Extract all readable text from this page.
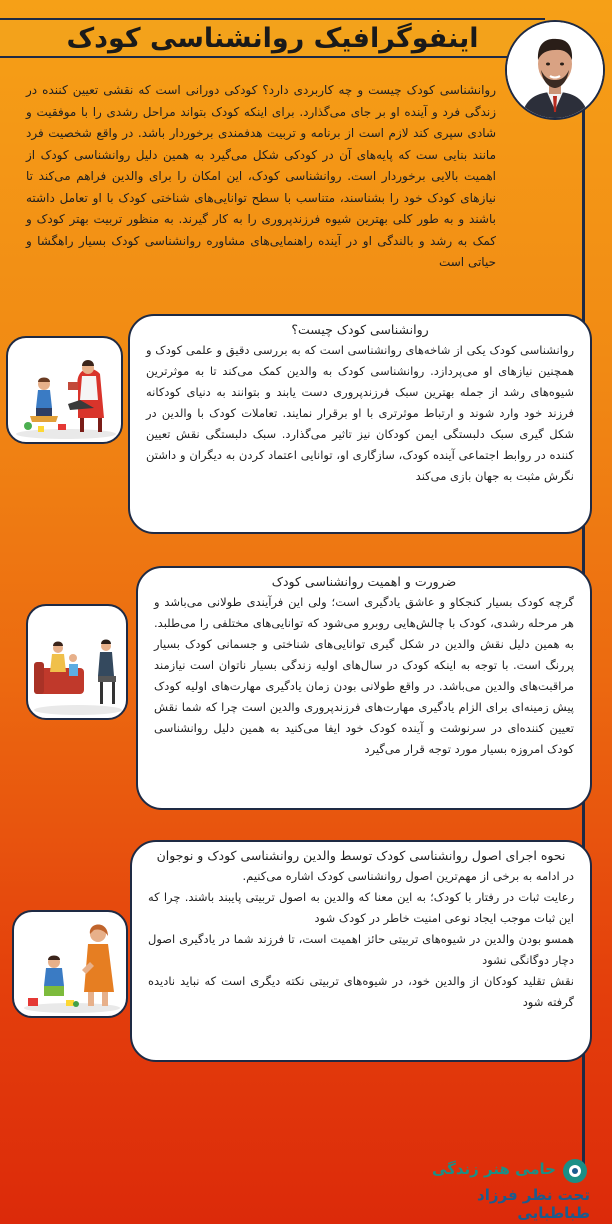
اینفوگرافیک روانشناسی کودک

روانشناسی کودک چیست و چه کاربردی دارد؟ کودکی دورانی است که نقشی تعیین کننده در زندگی فرد و آینده او بر جای می‌گذارد. برای اینکه کودک بتواند مراحل رشدی را با موفقیت و شادی سپری کند لازم است از برنامه و تربیت هدفمندی برخوردار باشد. در واقع شخصیت فرد مانند بنایی ست که پایه‌های آن در کودکی شکل می‌گیرد به همین دلیل روانشناسی کودک از اهمیت بالایی برخوردار است. روانشناسی کودک، این امکان را برای والدین فراهم می‌کند تا نیازهای کودک خود را بشناسند، متناسب با سطح توانایی‌های شناختی کودک با او تعامل داشته باشند و به طور کلی بهترین شیوه فرزندپروری را به کار گیرند. به منظور تربیت بهتر کودک و کمک به رشد و بالندگی او در آینده راهنمایی‌های مشاوره روانشناسی کودک بسیار راهگشا و حیاتی است

روانشناسی کودک چیست؟

روانشناسی کودک یکی از شاخه‌های روانشناسی است که به بررسی دقیق و علمی کودک و همچنین نیازهای او می‌پردازد. روانشناسی کودک به والدین کمک می‌کند تا به موثرترین شیوه‌های رشد از جمله بهترین سبک فرزندپروری دست یابند و بتوانند به دنیای کودکانه فرزند خود وارد شوند و ارتباط موثرتری با او برقرار نمایند. تعاملات کودک با والدین در شکل گیری سبک دلبستگی ایمن کودکان نیز تاثیر می‌گذارد. سبک دلبستگی نقش تعیین کننده در روابط اجتماعی آینده کودک، سازگاری او، توانایی اعتماد کردن به دیگران و داشتن نگرش مثبت به جهان بازی می‌کند

ضرورت و اهمیت روانشناسی کودک

گرچه کودک بسیار کنجکاو و عاشق یادگیری است؛ ولی این فرآیندی طولانی می‌باشد و هر مرحله رشدی، کودک با چالش‌هایی روبرو می‌شود که توانایی‌های مختلفی را می‌طلبد. به همین دلیل نقش والدین در شکل گیری توانایی‌های شناختی و جسمانی کودک بسیار پررنگ است. با توجه به اینکه کودک در سال‌های اولیه زندگی بسیار ناتوان است نیازمند مراقبت‌های والدین می‌باشد. در واقع طولانی بودن زمان یادگیری مهارت‌های اولیه کودک پیش زمینه‌ای برای الزام یادگیری مهارت‌های فرزندپروری والدین است چرا که شما نقش تعیین کننده‌ای در سرنوشت و آینده کودک خود ایفا می‌کنید به همین دلیل روانشناسی کودک امروزه بسیار مورد توجه قرار می‌گیرد

نحوه اجرای اصول روانشناسی کودک توسط والدین روانشناسی کودک و نوجوان

در ادامه به برخی از مهم‌ترین اصول روانشناسی کودک اشاره می‌کنیم.
رعایت ثبات در رفتار با کودک؛ به این معنا که والدین به اصول تربیتی پایبند باشند. چرا که این ثبات موجب ایجاد نوعی امنیت خاطر در کودک شود
همسو بودن والدین در شیوه‌های تربیتی حائز اهمیت است، تا فرزند شما در یادگیری اصول دچار دوگانگی نشود
نقش تقلید کودکان از والدین خود، در شیوه‌های تربیتی نکته دیگری است که نباید نادیده گرفته شود

حامی هنر زندگی
تحت نظر فرزاد طباطبایی
